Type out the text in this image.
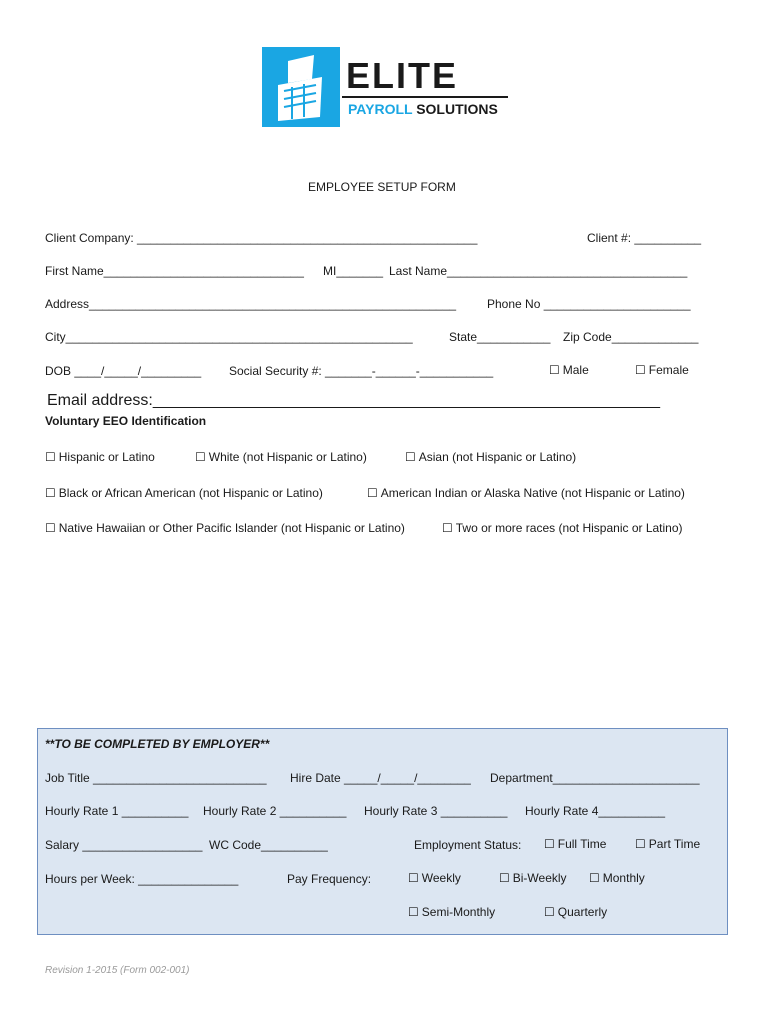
ELITE
PAYROLL SOLUTIONS
EMPLOYEE SETUP FORM
Client Company: ___________________________________________________	Client #: __________
First Name______________________________ MI_______ Last Name____________________________________
Address_______________________________________________________	Phone No ______________________
City____________________________________________________	State___________ Zip Code_____________
DOB ____/_____/_________ Social Security #: _______-______-___________	☐ Male	☐ Female
Email address:_________________________________________________________
Voluntary EEO Identification
☐ Hispanic or Latino	☐ White (not Hispanic or Latino)	☐ Asian (not Hispanic or Latino)
☐ Black or African American (not Hispanic or Latino)	☐ American Indian or Alaska Native (not Hispanic or Latino)
☐ Native Hawaiian or Other Pacific Islander (not Hispanic or Latino)	☐ Two or more races (not Hispanic or Latino)
**TO BE COMPLETED BY EMPLOYER**
Job Title __________________________ Hire Date _____/_____/________ Department______________________
Hourly Rate 1 __________ Hourly Rate 2 __________ Hourly Rate 3 __________ Hourly Rate 4__________
Salary __________________ WC Code__________	Employment Status: ☐ Full Time ☐ Part Time
Hours per Week: _______________	Pay Frequency:	☐ Weekly	☐ Bi-Weekly ☐ Monthly
☐ Semi-Monthly	☐ Quarterly
Revision 1-2015 (Form 002-001)
